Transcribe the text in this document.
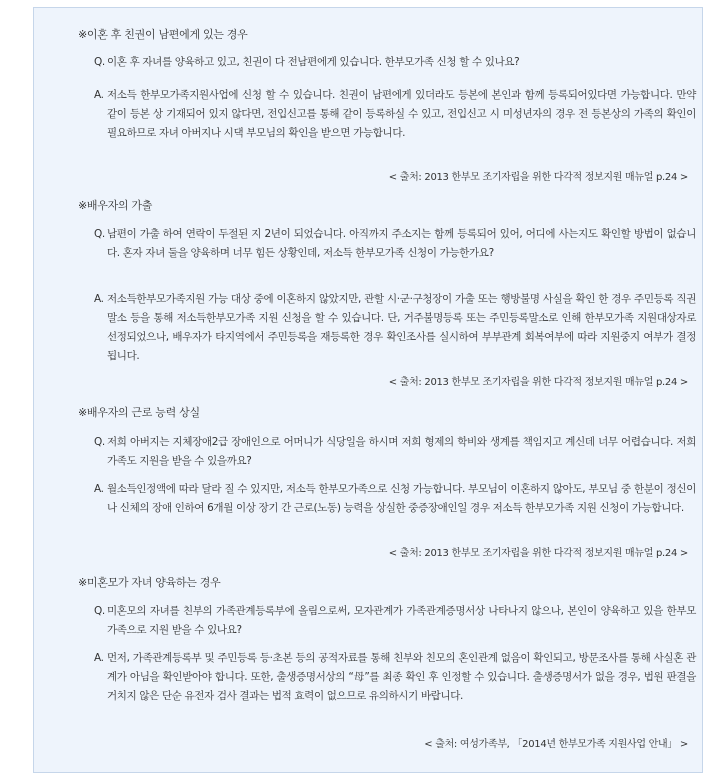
※이혼 후 친권이 남편에게 있는 경우
Q. 이혼 후 자녀를 양육하고 있고, 친권이 다 전남편에게 있습니다. 한부모가족 신청 할 수 있나요?
A. 저소득 한부모가족지원사업에 신청 할 수 있습니다. 친권이 남편에게 있더라도 등본에 본인과 함께 등록되어있다면 가능합니다. 만약 같이 등본 상 기재되어 있지 않다면, 전입신고를 통해 같이 등록하실 수 있고, 전입신고 시 미성년자의 경우 전 등본상의 가족의 확인이 필요하므로 자녀 아버지나 시댁 부모님의 확인을 받으면 가능합니다.
< 출처: 2013 한부모 조기자립을 위한 다각적 정보지원 매뉴얼 p.24 >
※배우자의 가출
Q. 남편이 가출 하여 연락이 두절된 지 2년이 되었습니다. 아직까지 주소지는 함께 등록되어 있어, 어디에 사는지도 확인할 방법이 없습니다. 혼자 자녀 둘을 양육하며 너무 힘든 상황인데, 저소득 한부모가족 신청이 가능한가요?
A. 저소득한부모가족지원 가능 대상 중에 이혼하지 않았지만, 관할 시·군·구청장이 가출 또는 행방불명 사실을 확인 한 경우 주민등록 직권말소 등을 통해 저소득한부모가족 지원 신청을 할 수 있습니다. 단, 거주불명등록 또는 주민등록말소로 인해 한부모가족 지원대상자로 선정되었으나, 배우자가 타지역에서 주민등록을 재등록한 경우 확인조사를 실시하여 부부관계 회복여부에 따라 지원중지 여부가 결정됩니다.
< 출처: 2013 한부모 조기자립을 위한 다각적 정보지원 매뉴얼 p.24 >
※배우자의 근로 능력 상실
Q. 저희 아버지는 지체장애2급 장애인으로 어머니가 식당일을 하시며 저희 형제의 학비와 생계를 책임지고 계신데 너무 어렵습니다. 저희 가족도 지원을 받을 수 있을까요?
A. 월소득인정액에 따라 달라 질 수 있지만, 저소득 한부모가족으로 신청 가능합니다. 부모님이 이혼하지 않아도, 부모님 중 한분이 정신이나 신체의 장애 인하여 6개월 이상 장기 간 근로(노동) 능력을 상실한 중증장애인일 경우 저소득 한부모가족 지원 신청이 가능합니다.
< 출처: 2013 한부모 조기자립을 위한 다각적 정보지원 매뉴얼 p.24 >
※미혼모가 자녀 양육하는 경우
Q. 미혼모의 자녀를 친부의 가족관계등록부에 올림으로써, 모자관계가 가족관계증명서상 나타나지 않으나, 본인이 양육하고 있을 한부모가족으로 지원 받을 수 있나요?
A. 먼저, 가족관계등록부 및 주민등록 등·초본 등의 공적자료를 통해 친부와 친모의 혼인관계 없음이 확인되고, 방문조사를 통해 사실혼 관계가 아님을 확인받아야 합니다. 또한, 출생증명서상의 “母”를 최종 확인 후 인정할 수 있습니다. 출생증명서가 없을 경우, 법원 판결을 거치지 않은 단순 유전자 검사 결과는 법적 효력이 없으므로 유의하시기 바랍니다.
< 출처: 여성가족부, 「2014년 한부모가족 지원사업 안내」 >
